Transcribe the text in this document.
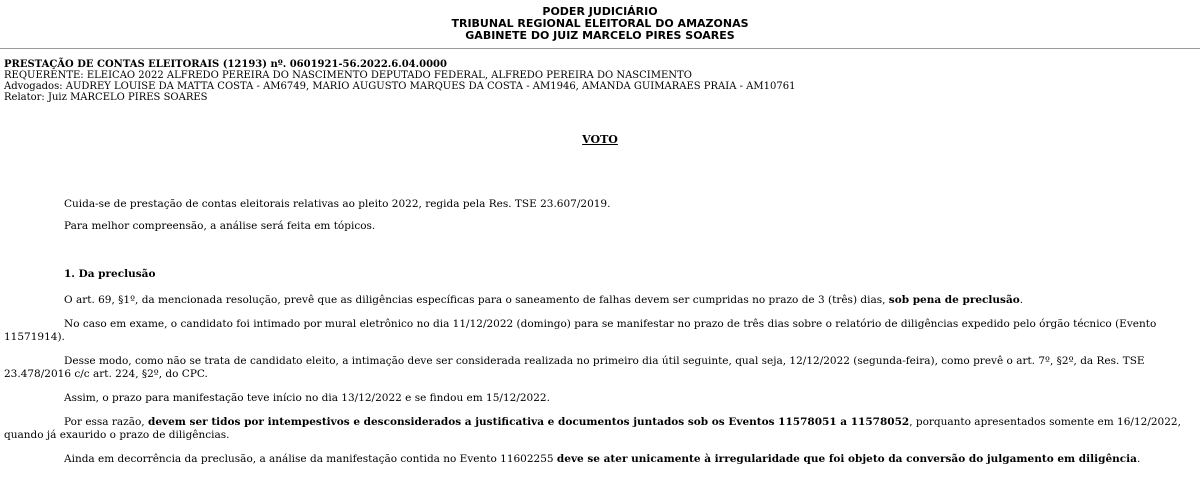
PODER JUDICIÁRIO
TRIBUNAL REGIONAL ELEITORAL DO AMAZONAS
GABINETE DO JUIZ MARCELO PIRES SOARES
PRESTAÇÃO DE CONTAS ELEITORAIS (12193) nº. 0601921-56.2022.6.04.0000
REQUERENTE: ELEICAO 2022 ALFREDO PEREIRA DO NASCIMENTO DEPUTADO FEDERAL, ALFREDO PEREIRA DO NASCIMENTO
Advogados: AUDREY LOUISE DA MATTA COSTA - AM6749, MARIO AUGUSTO MARQUES DA COSTA - AM1946, AMANDA GUIMARAES PRAIA - AM10761
Relator: Juiz MARCELO PIRES SOARES
VOTO

Cuida-se de prestação de contas eleitorais relativas ao pleito 2022, regida pela Res. TSE 23.607/2019.

Para melhor compreensão, a análise será feita em tópicos.

1. Da preclusão

O art. 69, §1º, da mencionada resolução, prevê que as diligências específicas para o saneamento de falhas devem ser cumpridas no prazo de 3 (três) dias, sob pena de preclusão.

No caso em exame, o candidato foi intimado por mural eletrônico no dia 11/12/2022 (domingo) para se manifestar no prazo de três dias sobre o relatório de diligências expedido pelo órgão técnico (Evento 11571914).

Desse modo, como não se trata de candidato eleito, a intimação deve ser considerada realizada no primeiro dia útil seguinte, qual seja, 12/12/2022 (segunda-feira), como prevê o art. 7º, §2º, da Res. TSE 23.478/2016 c/c art. 224, §2º, do CPC.

Assim, o prazo para manifestação teve início no dia 13/12/2022 e se findou em 15/12/2022.

Por essa razão, devem ser tidos por intempestivos e desconsiderados a justificativa e documentos juntados sob os Eventos 11578051 a 11578052, porquanto apresentados somente em 16/12/2022, quando já exaurido o prazo de diligências.

Ainda em decorrência da preclusão, a análise da manifestação contida no Evento 11602255 deve se ater unicamente à irregularidade que foi objeto da conversão do julgamento em diligência.
